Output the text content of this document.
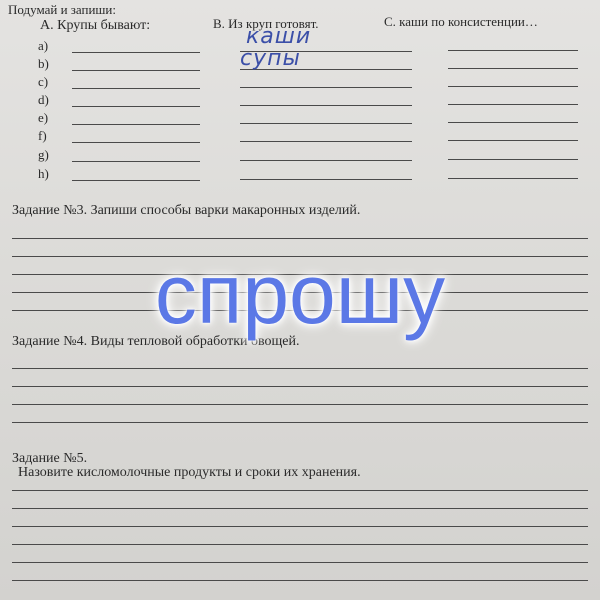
Подумай и запиши:
А. Крупы бывают:	В. Из круп готовят.	С. каши по консистенции…
a)
b)
c)
d)
e)
f)
g)
h)
каши
супы
Задание №3. Запиши способы варки макаронных изделий.
Задание №4. Виды тепловой обработки овощей.
Задание №5.
Назовите кисломолочные продукты и сроки их хранения.
спрошу
